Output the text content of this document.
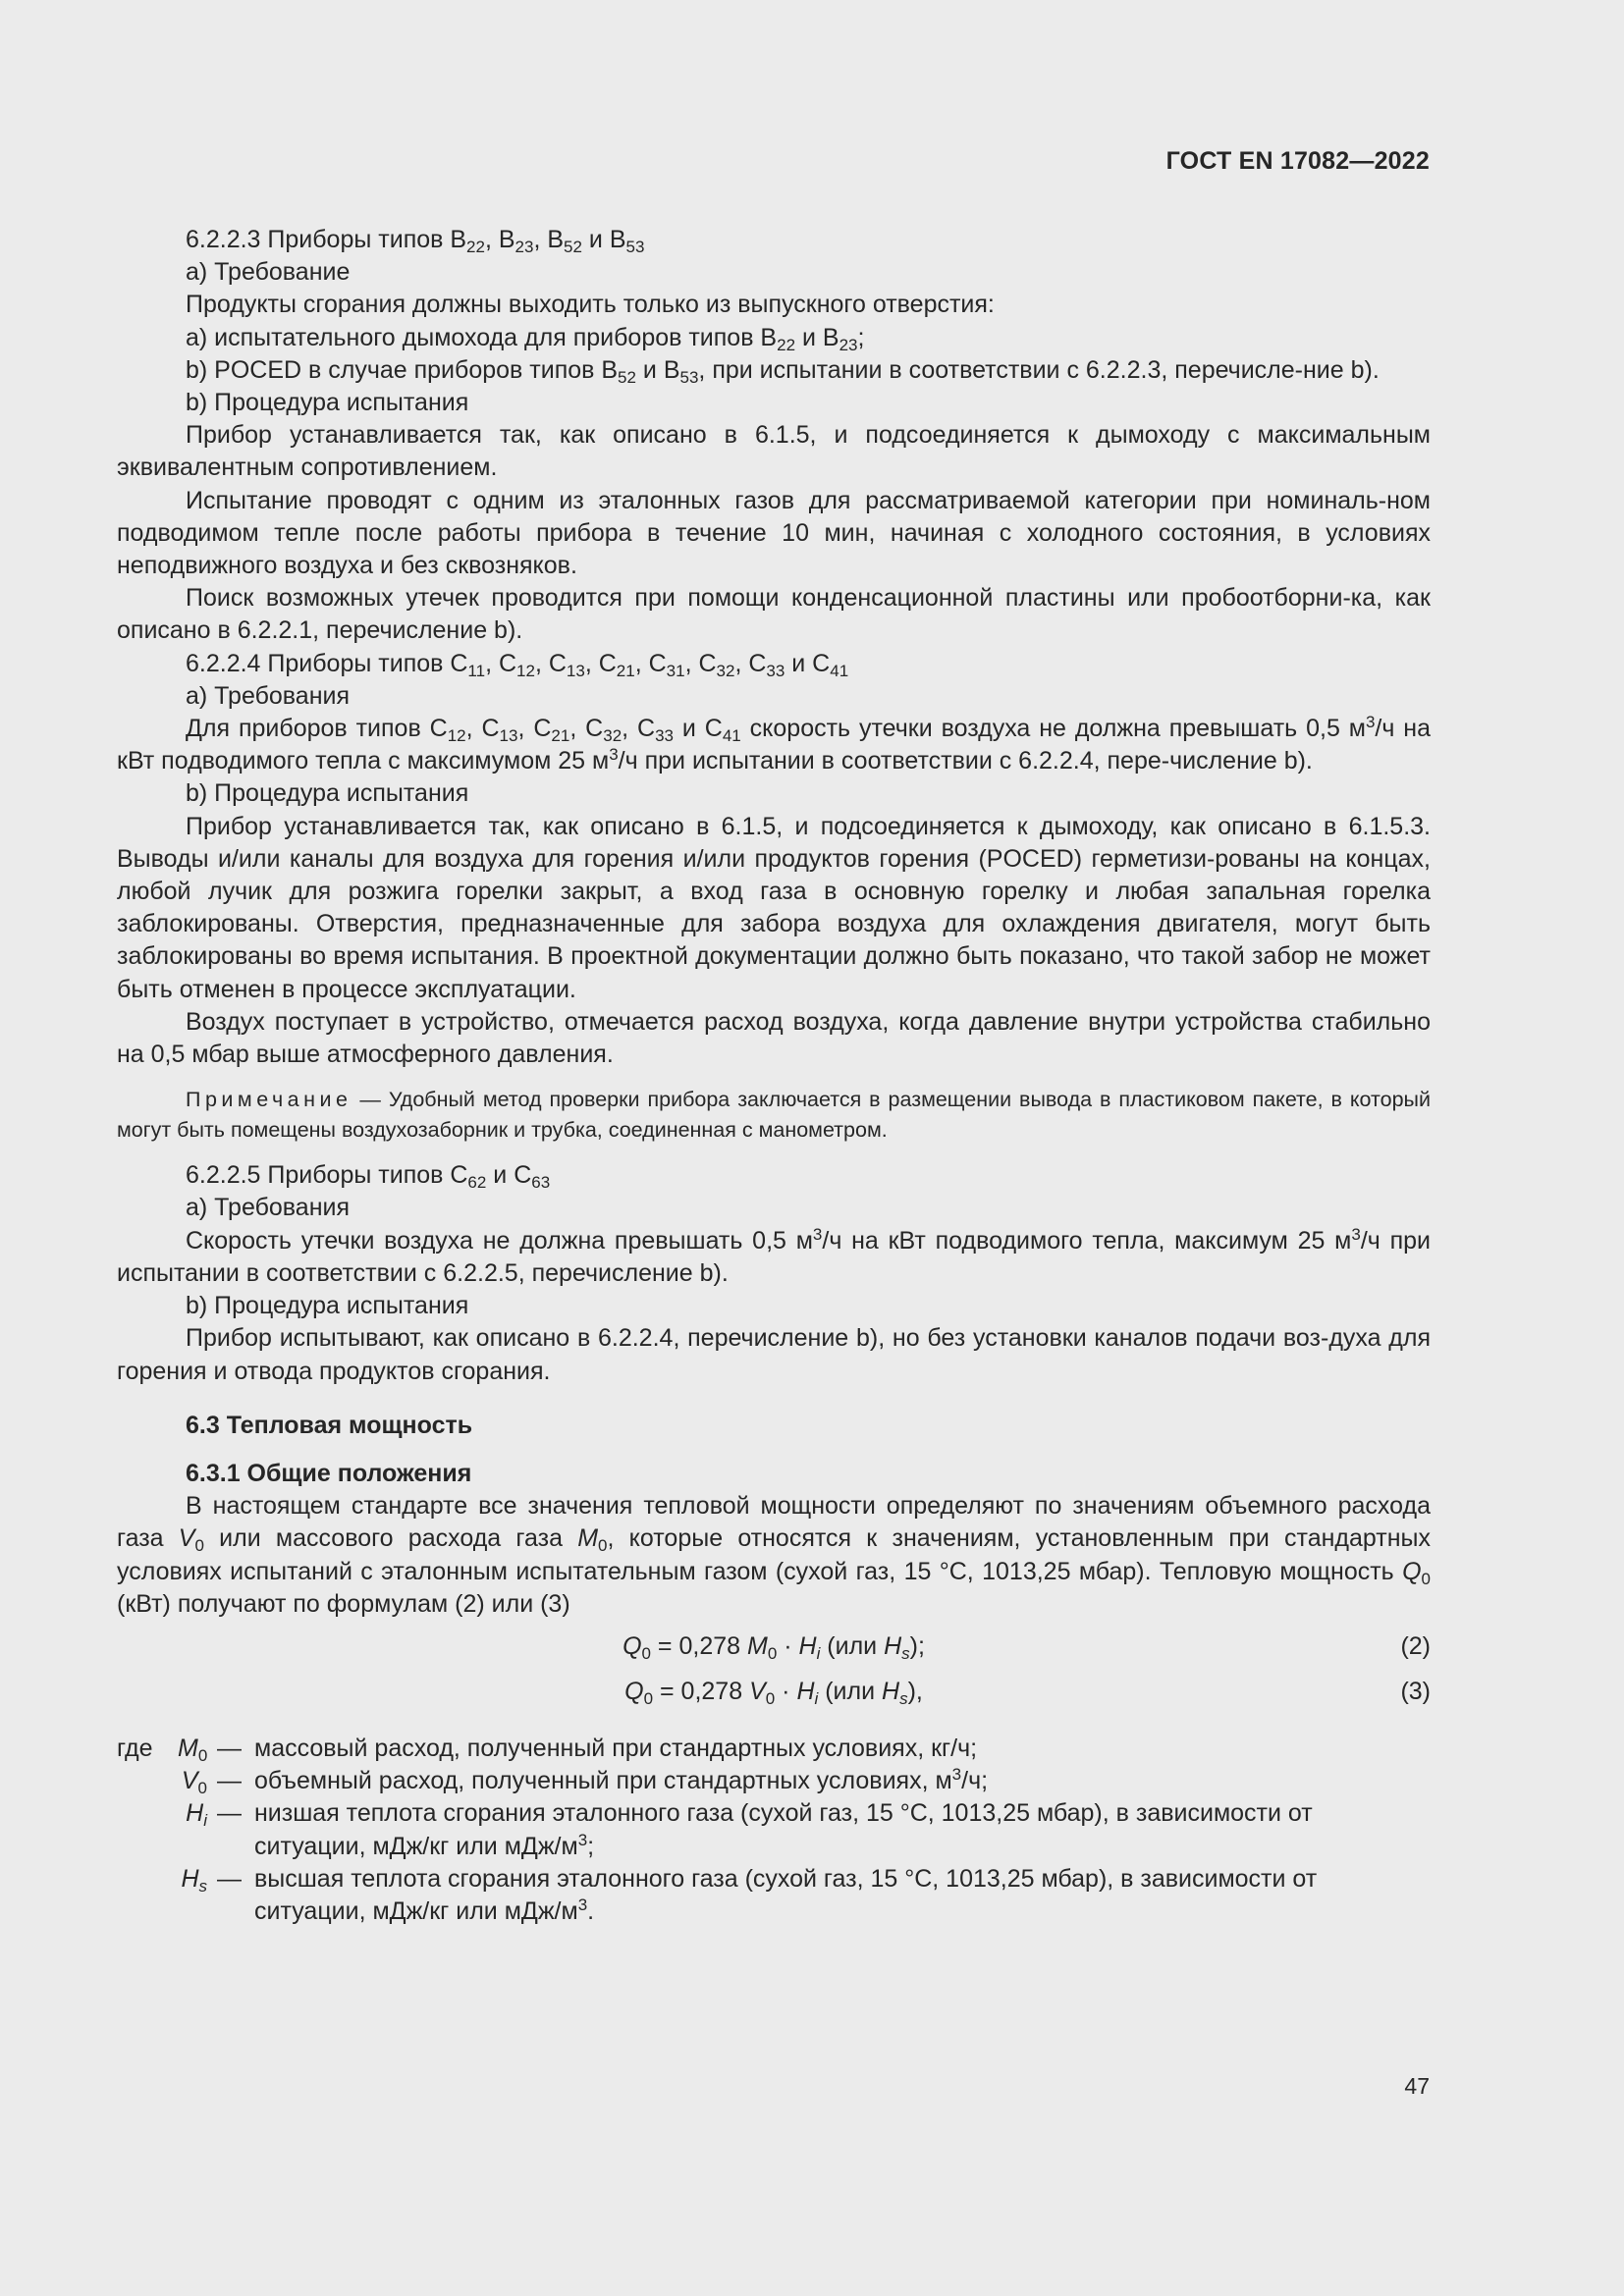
ГОСТ EN 17082—2022

6.2.2.3 Приборы типов $B_{22}$, $B_{23}$, $B_{52}$ и $B_{53}$

а) Требование

Продукты сгорания должны выходить только из выпускного отверстия:

а) испытательного дымохода для приборов типов $B_{22}$ и $B_{23}$;

b) POCED в случае приборов типов $B_{52}$ и $B_{53}$, при испытании в соответствии с 6.2.2.3, перечисле-ние b).

b) Процедура испытания

Прибор устанавливается так, как описано в 6.1.5, и подсоединяется к дымоходу с максимальным эквивалентным сопротивлением.

Испытание проводят с одним из эталонных газов для рассматриваемой категории при номиналь-ном подводимом тепле после работы прибора в течение 10 мин, начиная с холодного состояния, в условиях неподвижного воздуха и без сквозняков.

Поиск возможных утечек проводится при помощи конденсационной пластины или пробоотборни-ка, как описано в 6.2.2.1, перечисление b).

6.2.2.4 Приборы типов $C_{11}$, $C_{12}$, $C_{13}$, $C_{21}$, $C_{31}$, $C_{32}$, $C_{33}$ и $C_{41}$

а) Требования

Для приборов типов $C_{12}$, $C_{13}$, $C_{21}$, $C_{32}$, $C_{33}$ и $C_{41}$ скорость утечки воздуха не должна превышать 0,5 $м^3/ч$ на кВт подводимого тепла с максимумом 25 $м^3/ч$ при испытании в соответствии с 6.2.2.4, пере-числение b).

b) Процедура испытания

Прибор устанавливается так, как описано в 6.1.5, и подсоединяется к дымоходу, как описано в 6.1.5.3. Выводы и/или каналы для воздуха для горения и/или продуктов горения (POCED) герметизи-рованы на концах, любой лучик для розжига горелки закрыт, а вход газа в основную горелку и любая запальная горелка заблокированы. Отверстия, предназначенные для забора воздуха для охлаждения двигателя, могут быть заблокированы во время испытания. В проектной документации должно быть показано, что такой забор не может быть отменен в процессе эксплуатации.

Воздух поступает в устройство, отмечается расход воздуха, когда давление внутри устройства стабильно на 0,5 мбар выше атмосферного давления.

Примечание — Удобный метод проверки прибора заключается в размещении вывода в пластиковом пакете, в который могут быть помещены воздухозаборник и трубка, соединенная с манометром.

6.2.2.5 Приборы типов $C_{62}$ и $C_{63}$

а) Требования

Скорость утечки воздуха не должна превышать 0,5 $м^3/ч$ на кВт подводимого тепла, максимум 25 $м^3/ч$ при испытании в соответствии с 6.2.2.5, перечисление b).

b) Процедура испытания

Прибор испытывают, как описано в 6.2.2.4, перечисление b), но без установки каналов подачи воз-духа для горения и отвода продуктов сгорания.

6.3 Тепловая мощность

6.3.1 Общие положения

В настоящем стандарте все значения тепловой мощности определяют по значениям объемного расхода газа $V_0$ или массового расхода газа $M_0$, которые относятся к значениям, установленным при стандартных условиях испытаний с эталонным испытательным газом (сухой газ, 15 °C, 1013,25 мбар). Тепловую мощность $Q_0$ (кВт) получают по формулам (2) или (3)

$Q_0 = 0,278$ $M_0 \cdot H_i$ (или $H_s$);	(2)
$Q_0 = 0,278$ $V_0 \cdot H_i$ (или $H_s$),	(3)
где	$M_0$ — массовый расход, полученный при стандартных условиях, кг/ч;
$V_0$ — объемный расход, полученный при стандартных условиях, $м^3/ч$;
$H_i$ — низшая теплота сгорания эталонного газа (сухой газ, 15 °C, 1013,25 мбар), в зависимости от ситуации, мДж/кг или мДж/$м^3$;
$H_s$ — высшая теплота сгорания эталонного газа (сухой газ, 15 °C, 1013,25 мбар), в зависимости от ситуации, мДж/кг или мДж/$м^3$.
47
